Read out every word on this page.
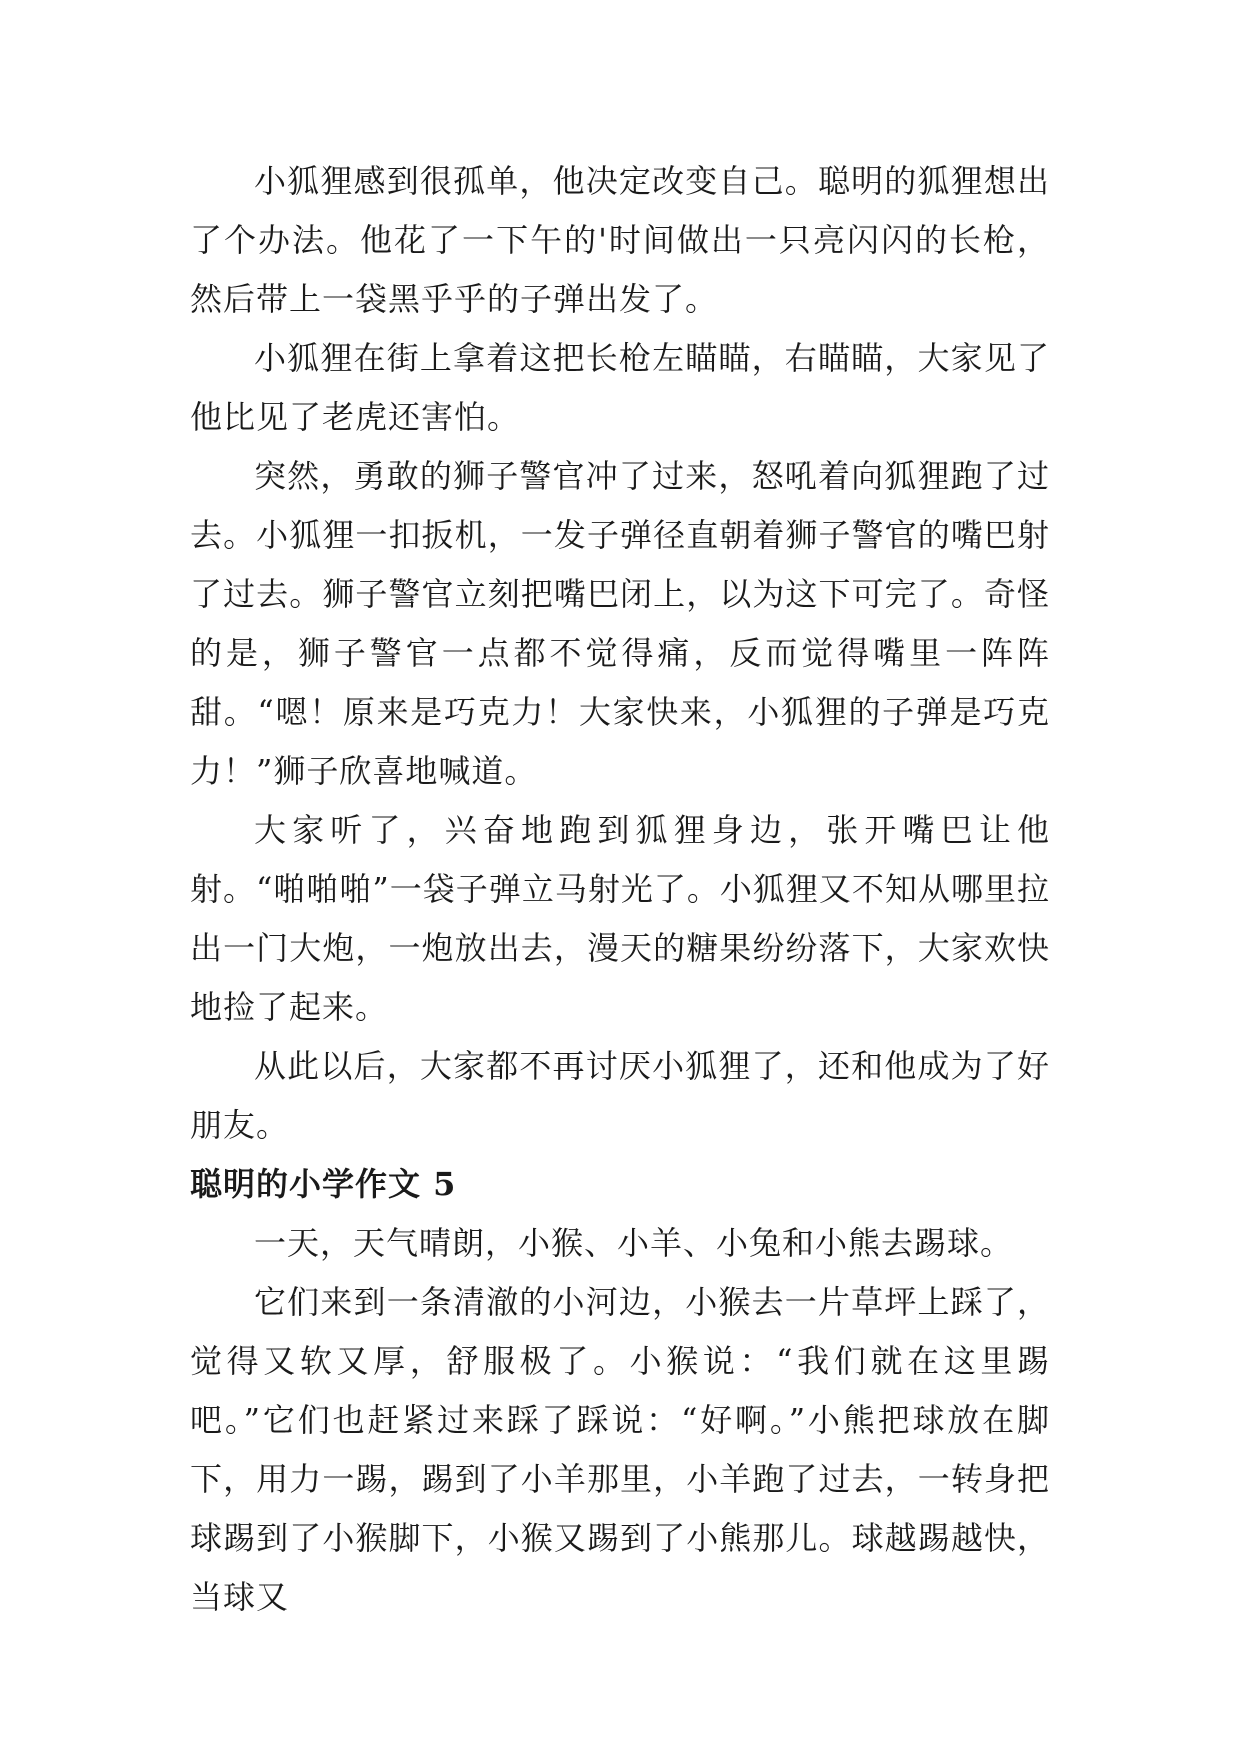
小狐狸感到很孤单，他决定改变自己。聪明的狐狸想出了个办法。他花了一下午的'时间做出一只亮闪闪的长枪，然后带上一袋黑乎乎的子弹出发了。

小狐狸在街上拿着这把长枪左瞄瞄，右瞄瞄，大家见了他比见了老虎还害怕。

突然，勇敢的狮子警官冲了过来，怒吼着向狐狸跑了过去。小狐狸一扣扳机，一发子弹径直朝着狮子警官的嘴巴射了过去。狮子警官立刻把嘴巴闭上，以为这下可完了。奇怪的是，狮子警官一点都不觉得痛，反而觉得嘴里一阵阵甜。“嗯！原来是巧克力！大家快来，小狐狸的子弹是巧克力！”狮子欣喜地喊道。

大家听了，兴奋地跑到狐狸身边，张开嘴巴让他射。“啪啪啪”一袋子弹立马射光了。小狐狸又不知从哪里拉出一门大炮，一炮放出去，漫天的糖果纷纷落下，大家欢快地捡了起来。

从此以后，大家都不再讨厌小狐狸了，还和他成为了好朋友。

聪明的小学作文 5

一天，天气晴朗，小猴、小羊、小兔和小熊去踢球。

它们来到一条清澈的小河边，小猴去一片草坪上踩了，觉得又软又厚，舒服极了。小猴说：“我们就在这里踢吧。”它们也赶紧过来踩了踩说：“好啊。”小熊把球放在脚下，用力一踢，踢到了小羊那里，小羊跑了过去，一转身把球踢到了小猴脚下，小猴又踢到了小熊那儿。球越踢越快，当球又
